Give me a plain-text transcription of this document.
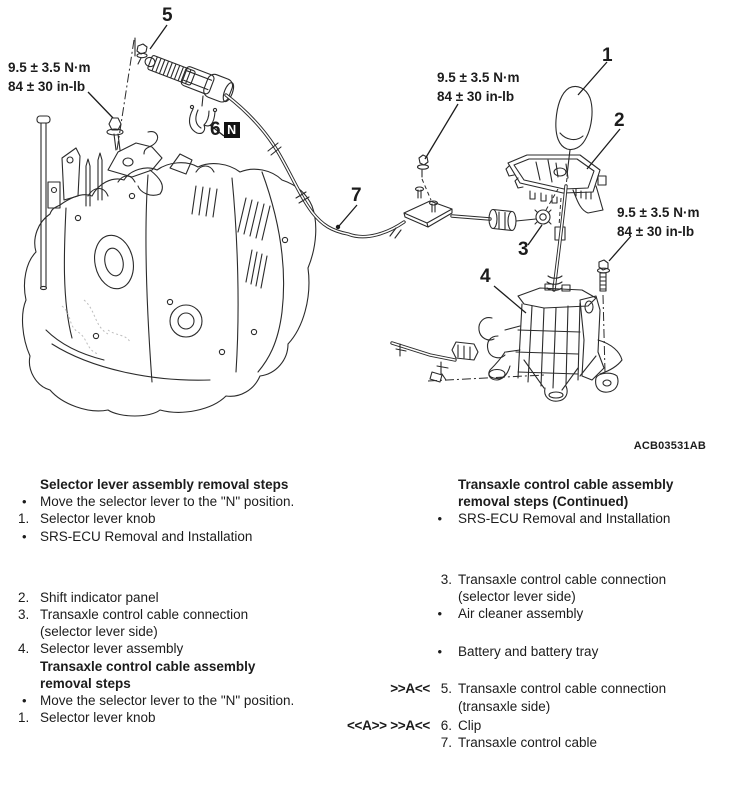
5
6 N
7
1
2
3
4
9.5 ± 3.5 N·m
84 ± 30 in-lb
9.5 ± 3.5 N·m
84 ± 30 in-lb
9.5 ± 3.5 N·m
84 ± 30 in-lb
ACB03531AB
Selector lever assembly removal steps
• Move the selector lever to the "N" position.
1. Selector lever knob
• SRS-ECU Removal and Installation
2. Shift indicator panel
3. Transaxle control cable connection (selector lever side)
4. Selector lever assembly
Transaxle control cable assembly removal steps
• Move the selector lever to the "N" position.
1. Selector lever knob
Transaxle control cable assembly removal steps (Continued)
•	SRS-ECU Removal and Installation
3. Transaxle control cable connection (selector lever side)
•	Air cleaner assembly
•	Battery and battery tray
>>A<< 5. Transaxle control cable connection (transaxle side)
<<A>> >>A<< 6. Clip
7. Transaxle control cable
